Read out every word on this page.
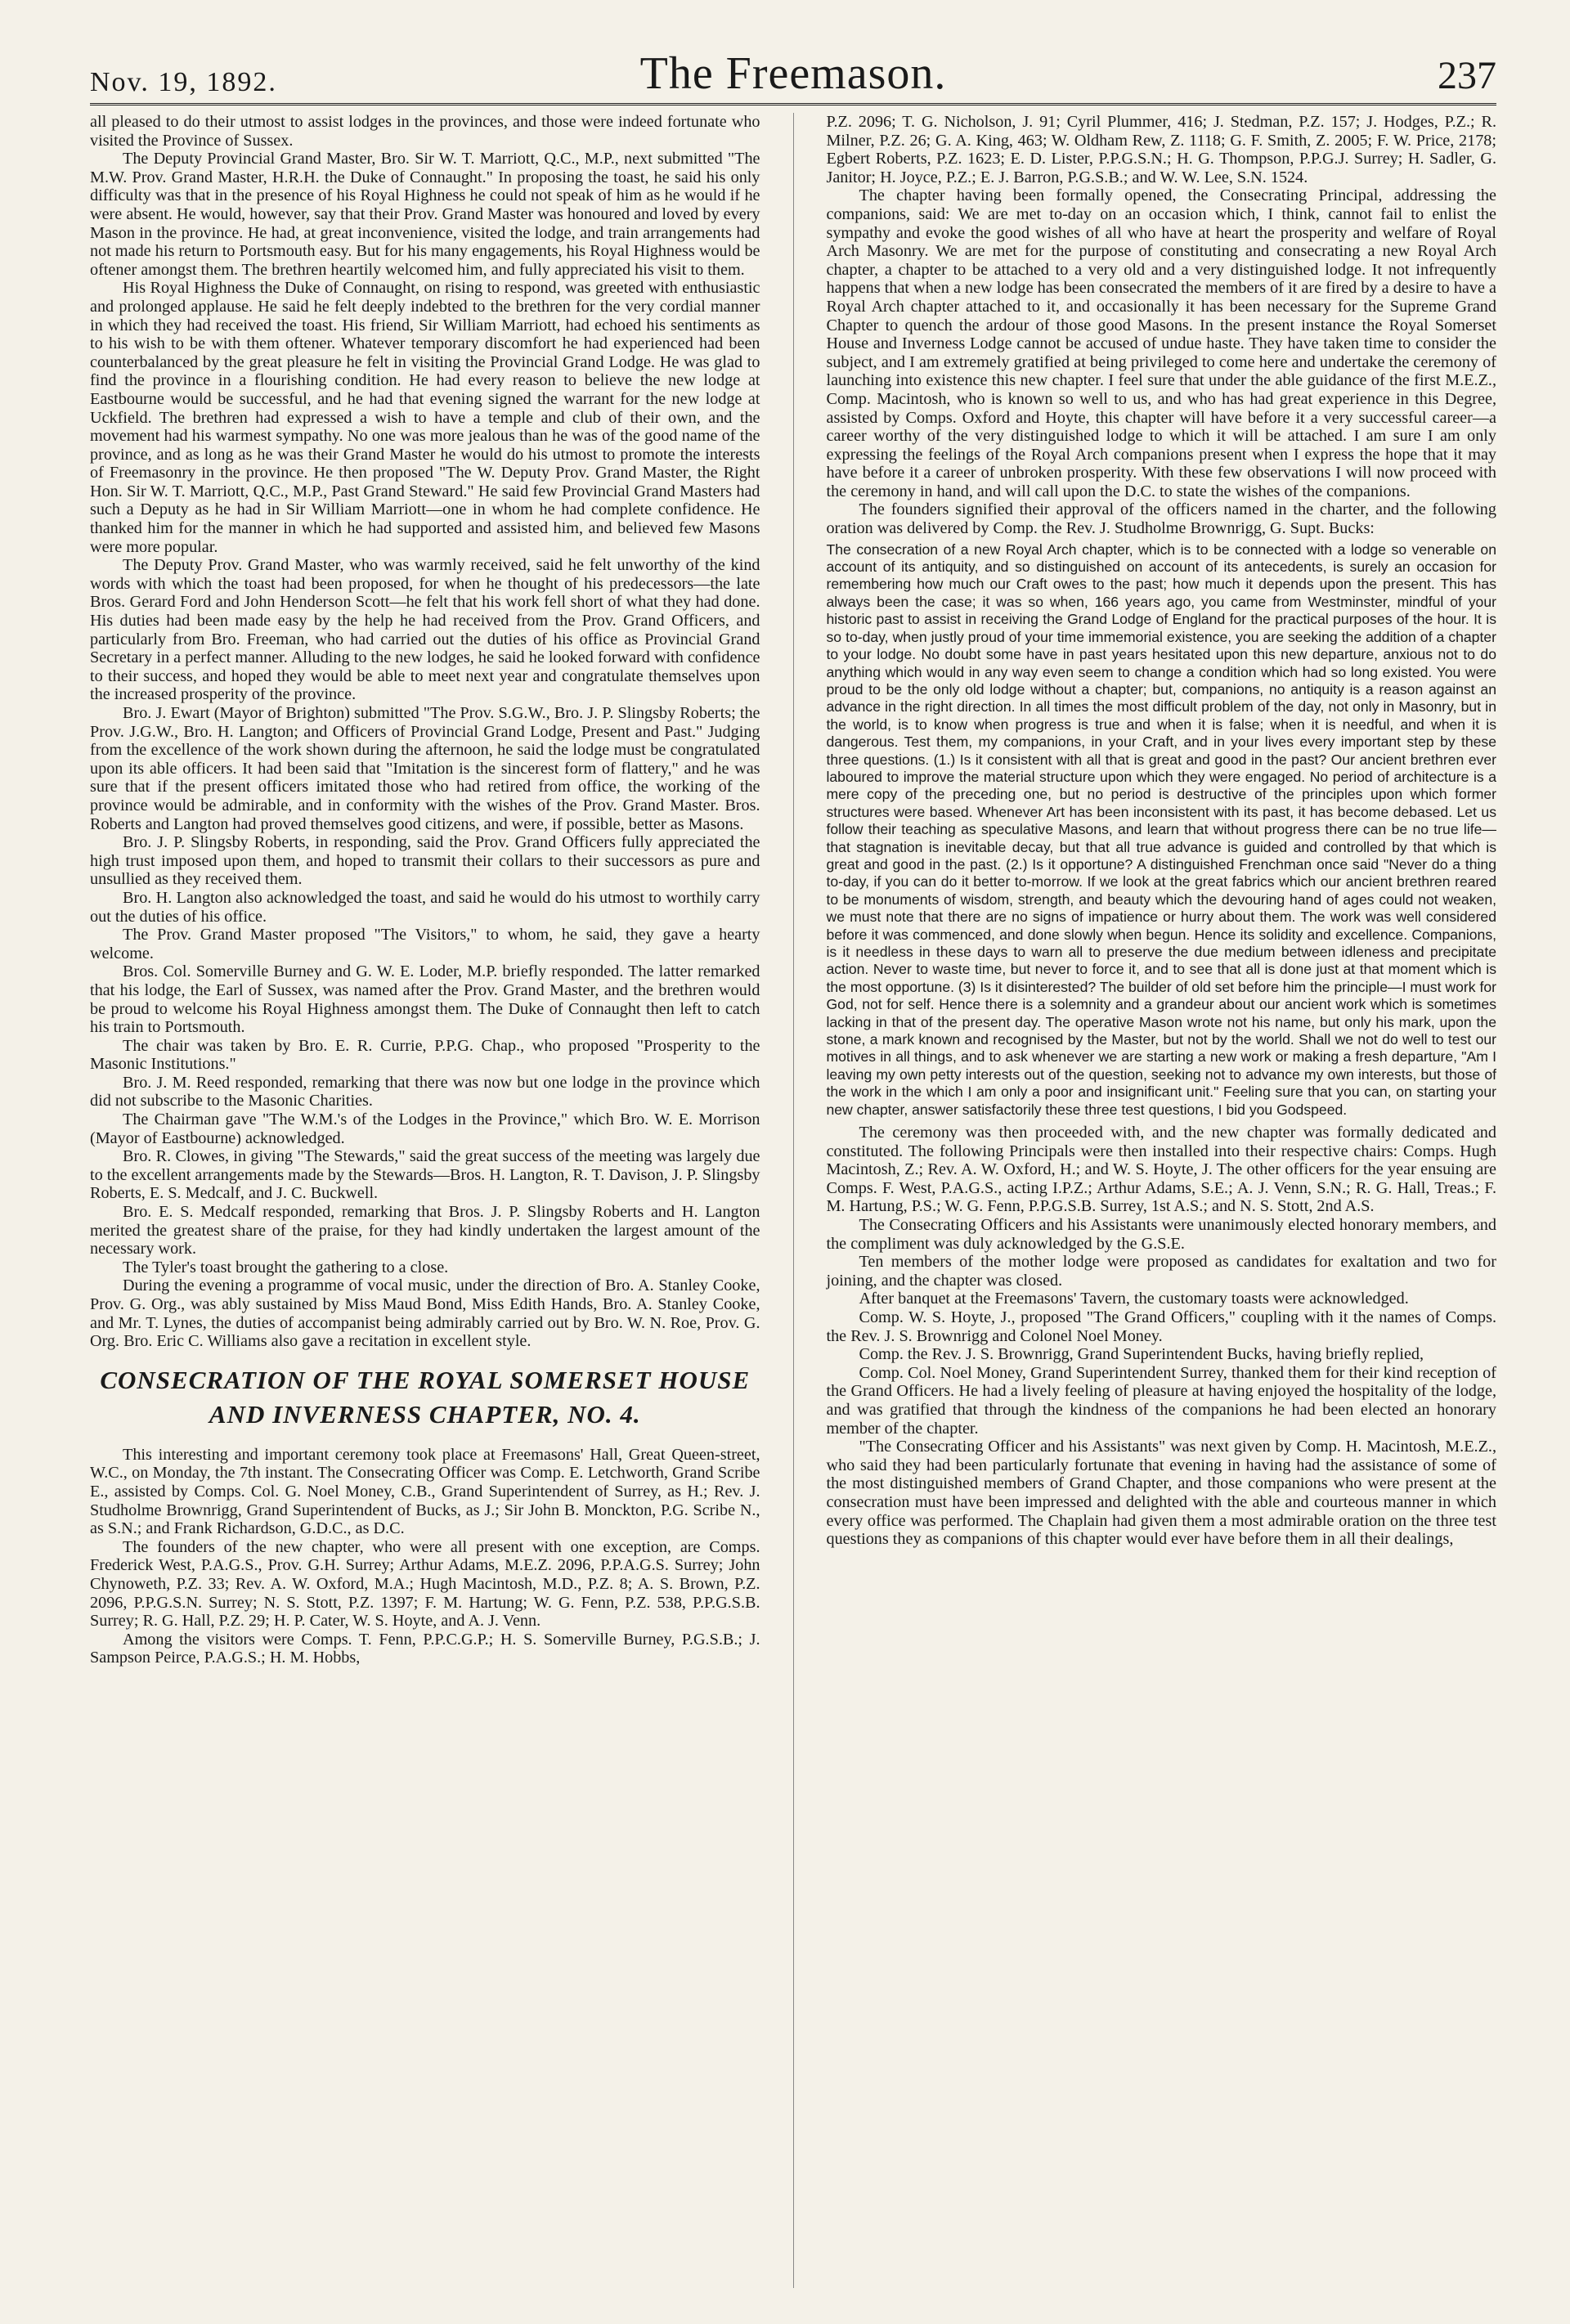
Nov. 19, 1892.	The Freemason.	237

all pleased to do their utmost to assist lodges in the provinces, and those were indeed fortunate who visited the Province of Sussex.

The Deputy Provincial Grand Master, Bro. Sir W. T. Marriott, Q.C., M.P., next submitted "The M.W. Prov. Grand Master, H.R.H. the Duke of Connaught." In proposing the toast, he said his only difficulty was that in the presence of his Royal Highness he could not speak of him as he would if he were absent. He would, however, say that their Prov. Grand Master was honoured and loved by every Mason in the province. He had, at great inconvenience, visited the lodge, and train arrangements had not made his return to Portsmouth easy. But for his many engagements, his Royal Highness would be oftener amongst them. The brethren heartily welcomed him, and fully appreciated his visit to them.

His Royal Highness the Duke of Connaught, on rising to respond, was greeted with enthusiastic and prolonged applause. He said he felt deeply indebted to the brethren for the very cordial manner in which they had received the toast. His friend, Sir William Marriott, had echoed his sentiments as to his wish to be with them oftener. Whatever temporary discomfort he had experienced had been counterbalanced by the great pleasure he felt in visiting the Provincial Grand Lodge. He was glad to find the province in a flourishing condition. He had every reason to believe the new lodge at Eastbourne would be successful, and he had that evening signed the warrant for the new lodge at Uckfield. The brethren had expressed a wish to have a temple and club of their own, and the movement had his warmest sympathy. No one was more jealous than he was of the good name of the province, and as long as he was their Grand Master he would do his utmost to promote the interests of Freemasonry in the province. He then proposed "The W. Deputy Prov. Grand Master, the Right Hon. Sir W. T. Marriott, Q.C., M.P., Past Grand Steward." He said few Provincial Grand Masters had such a Deputy as he had in Sir William Marriott—one in whom he had complete confidence. He thanked him for the manner in which he had supported and assisted him, and believed few Masons were more popular.

The Deputy Prov. Grand Master, who was warmly received, said he felt unworthy of the kind words with which the toast had been proposed, for when he thought of his predecessors—the late Bros. Gerard Ford and John Henderson Scott—he felt that his work fell short of what they had done. His duties had been made easy by the help he had received from the Prov. Grand Officers, and particularly from Bro. Freeman, who had carried out the duties of his office as Provincial Grand Secretary in a perfect manner. Alluding to the new lodges, he said he looked forward with confidence to their success, and hoped they would be able to meet next year and congratulate themselves upon the increased prosperity of the province.

Bro. J. Ewart (Mayor of Brighton) submitted "The Prov. S.G.W., Bro. J. P. Slingsby Roberts; the Prov. J.G.W., Bro. H. Langton; and Officers of Provincial Grand Lodge, Present and Past." Judging from the excellence of the work shown during the afternoon, he said the lodge must be congratulated upon its able officers. It had been said that "Imitation is the sincerest form of flattery," and he was sure that if the present officers imitated those who had retired from office, the working of the province would be admirable, and in conformity with the wishes of the Prov. Grand Master. Bros. Roberts and Langton had proved themselves good citizens, and were, if possible, better as Masons.

Bro. J. P. Slingsby Roberts, in responding, said the Prov. Grand Officers fully appreciated the high trust imposed upon them, and hoped to transmit their collars to their successors as pure and unsullied as they received them.

Bro. H. Langton also acknowledged the toast, and said he would do his utmost to worthily carry out the duties of his office.

The Prov. Grand Master proposed "The Visitors," to whom, he said, they gave a hearty welcome.

Bros. Col. Somerville Burney and G. W. E. Loder, M.P. briefly responded. The latter remarked that his lodge, the Earl of Sussex, was named after the Prov. Grand Master, and the brethren would be proud to welcome his Royal Highness amongst them. The Duke of Connaught then left to catch his train to Portsmouth.

The chair was taken by Bro. E. R. Currie, P.P.G. Chap., who proposed "Prosperity to the Masonic Institutions."

Bro. J. M. Reed responded, remarking that there was now but one lodge in the province which did not subscribe to the Masonic Charities.

The Chairman gave "The W.M.'s of the Lodges in the Province," which Bro. W. E. Morrison (Mayor of Eastbourne) acknowledged.

Bro. R. Clowes, in giving "The Stewards," said the great success of the meeting was largely due to the excellent arrangements made by the Stewards—Bros. H. Langton, R. T. Davison, J. P. Slingsby Roberts, E. S. Medcalf, and J. C. Buckwell.

Bro. E. S. Medcalf responded, remarking that Bros. J. P. Slingsby Roberts and H. Langton merited the greatest share of the praise, for they had kindly undertaken the largest amount of the necessary work.

The Tyler's toast brought the gathering to a close.

During the evening a programme of vocal music, under the direction of Bro. A. Stanley Cooke, Prov. G. Org., was ably sustained by Miss Maud Bond, Miss Edith Hands, Bro. A. Stanley Cooke, and Mr. T. Lynes, the duties of accompanist being admirably carried out by Bro. W. N. Roe, Prov. G. Org. Bro. Eric C. Williams also gave a recitation in excellent style.

CONSECRATION OF THE ROYAL SOMERSET HOUSE
AND INVERNESS CHAPTER, NO. 4.

This interesting and important ceremony took place at Freemasons' Hall, Great Queen-street, W.C., on Monday, the 7th instant. The Consecrating Officer was Comp. E. Letchworth, Grand Scribe E., assisted by Comps. Col. G. Noel Money, C.B., Grand Superintendent of Surrey, as H.; Rev. J. Studholme Brownrigg, Grand Superintendent of Bucks, as J.; Sir John B. Monckton, P.G. Scribe N., as S.N.; and Frank Richardson, G.D.C., as D.C.

The founders of the new chapter, who were all present with one exception, are Comps. Frederick West, P.A.G.S., Prov. G.H. Surrey; Arthur Adams, M.E.Z. 2096, P.P.A.G.S. Surrey; John Chynoweth, P.Z. 33; Rev. A. W. Oxford, M.A.; Hugh Macintosh, M.D., P.Z. 8; A. S. Brown, P.Z. 2096, P.P.G.S.N. Surrey; N. S. Stott, P.Z. 1397; F. M. Hartung; W. G. Fenn, P.Z. 538, P.P.G.S.B. Surrey; R. G. Hall, P.Z. 29; H. P. Cater, W. S. Hoyte, and A. J. Venn.

Among the visitors were Comps. T. Fenn, P.P.C.G.P.; H. S. Somerville Burney, P.G.S.B.; J. Sampson Peirce, P.A.G.S.; H. M. Hobbs,

P.Z. 2096; T. G. Nicholson, J. 91; Cyril Plummer, 416; J. Stedman, P.Z. 157; J. Hodges, P.Z.; R. Milner, P.Z. 26; G. A. King, 463; W. Oldham Rew, Z. 1118; G. F. Smith, Z. 2005; F. W. Price, 2178; Egbert Roberts, P.Z. 1623; E. D. Lister, P.P.G.S.N.; H. G. Thompson, P.P.G.J. Surrey; H. Sadler, G. Janitor; H. Joyce, P.Z.; E. J. Barron, P.G.S.B.; and W. W. Lee, S.N. 1524.

The chapter having been formally opened, the Consecrating Principal, addressing the companions, said: We are met to-day on an occasion which, I think, cannot fail to enlist the sympathy and evoke the good wishes of all who have at heart the prosperity and welfare of Royal Arch Masonry. We are met for the purpose of constituting and consecrating a new Royal Arch chapter, a chapter to be attached to a very old and a very distinguished lodge. It not infrequently happens that when a new lodge has been consecrated the members of it are fired by a desire to have a Royal Arch chapter attached to it, and occasionally it has been necessary for the Supreme Grand Chapter to quench the ardour of those good Masons. In the present instance the Royal Somerset House and Inverness Lodge cannot be accused of undue haste. They have taken time to consider the subject, and I am extremely gratified at being privileged to come here and undertake the ceremony of launching into existence this new chapter. I feel sure that under the able guidance of the first M.E.Z., Comp. Macintosh, who is known so well to us, and who has had great experience in this Degree, assisted by Comps. Oxford and Hoyte, this chapter will have before it a very successful career—a career worthy of the very distinguished lodge to which it will be attached. I am sure I am only expressing the feelings of the Royal Arch companions present when I express the hope that it may have before it a career of unbroken prosperity. With these few observations I will now proceed with the ceremony in hand, and will call upon the D.C. to state the wishes of the companions.

The founders signified their approval of the officers named in the charter, and the following oration was delivered by Comp. the Rev. J. Studholme Brownrigg, G. Supt. Bucks:

The consecration of a new Royal Arch chapter, which is to be connected with a lodge so venerable on account of its antiquity, and so distinguished on account of its antecedents, is surely an occasion for remembering how much our Craft owes to the past; how much it depends upon the present. This has always been the case; it was so when, 166 years ago, you came from Westminster, mindful of your historic past to assist in receiving the Grand Lodge of England for the practical purposes of the hour. It is so to-day, when justly proud of your time immemorial existence, you are seeking the addition of a chapter to your lodge. No doubt some have in past years hesitated upon this new departure, anxious not to do anything which would in any way even seem to change a condition which had so long existed. You were proud to be the only old lodge without a chapter; but, companions, no antiquity is a reason against an advance in the right direction. In all times the most difficult problem of the day, not only in Masonry, but in the world, is to know when progress is true and when it is false; when it is needful, and when it is dangerous. Test them, my companions, in your Craft, and in your lives every important step by these three questions. (1.) Is it consistent with all that is great and good in the past? Our ancient brethren ever laboured to improve the material structure upon which they were engaged. No period of architecture is a mere copy of the preceding one, but no period is destructive of the principles upon which former structures were based. Whenever Art has been inconsistent with its past, it has become debased. Let us follow their teaching as speculative Masons, and learn that without progress there can be no true life—that stagnation is inevitable decay, but that all true advance is guided and controlled by that which is great and good in the past. (2.) Is it opportune? A distinguished Frenchman once said "Never do a thing to-day, if you can do it better to-morrow. If we look at the great fabrics which our ancient brethren reared to be monuments of wisdom, strength, and beauty which the devouring hand of ages could not weaken, we must note that there are no signs of impatience or hurry about them. The work was well considered before it was commenced, and done slowly when begun. Hence its solidity and excellence. Companions, is it needless in these days to warn all to preserve the due medium between idleness and precipitate action. Never to waste time, but never to force it, and to see that all is done just at that moment which is the most opportune. (3) Is it disinterested? The builder of old set before him the principle—I must work for God, not for self. Hence there is a solemnity and a grandeur about our ancient work which is sometimes lacking in that of the present day. The operative Mason wrote not his name, but only his mark, upon the stone, a mark known and recognised by the Master, but not by the world. Shall we not do well to test our motives in all things, and to ask whenever we are starting a new work or making a fresh departure, "Am I leaving my own petty interests out of the question, seeking not to advance my own interests, but those of the work in the which I am only a poor and insignificant unit." Feeling sure that you can, on starting your new chapter, answer satisfactorily these three test questions, I bid you Godspeed.

The ceremony was then proceeded with, and the new chapter was formally dedicated and constituted. The following Principals were then installed into their respective chairs: Comps. Hugh Macintosh, Z.; Rev. A. W. Oxford, H.; and W. S. Hoyte, J. The other officers for the year ensuing are Comps. F. West, P.A.G.S., acting I.P.Z.; Arthur Adams, S.E.; A. J. Venn, S.N.; R. G. Hall, Treas.; F. M. Hartung, P.S.; W. G. Fenn, P.P.G.S.B. Surrey, 1st A.S.; and N. S. Stott, 2nd A.S.

The Consecrating Officers and his Assistants were unanimously elected honorary members, and the compliment was duly acknowledged by the G.S.E.

Ten members of the mother lodge were proposed as candidates for exaltation and two for joining, and the chapter was closed.

After banquet at the Freemasons' Tavern, the customary toasts were acknowledged.

Comp. W. S. Hoyte, J., proposed "The Grand Officers," coupling with it the names of Comps. the Rev. J. S. Brownrigg and Colonel Noel Money.

Comp. the Rev. J. S. Brownrigg, Grand Superintendent Bucks, having briefly replied,

Comp. Col. Noel Money, Grand Superintendent Surrey, thanked them for their kind reception of the Grand Officers. He had a lively feeling of pleasure at having enjoyed the hospitality of the lodge, and was gratified that through the kindness of the companions he had been elected an honorary member of the chapter.

"The Consecrating Officer and his Assistants" was next given by Comp. H. Macintosh, M.E.Z., who said they had been particularly fortunate that evening in having had the assistance of some of the most distinguished members of Grand Chapter, and those companions who were present at the consecration must have been impressed and delighted with the able and courteous manner in which every office was performed. The Chaplain had given them a most admirable oration on the three test questions they as companions of this chapter would ever have before them in all their dealings,
